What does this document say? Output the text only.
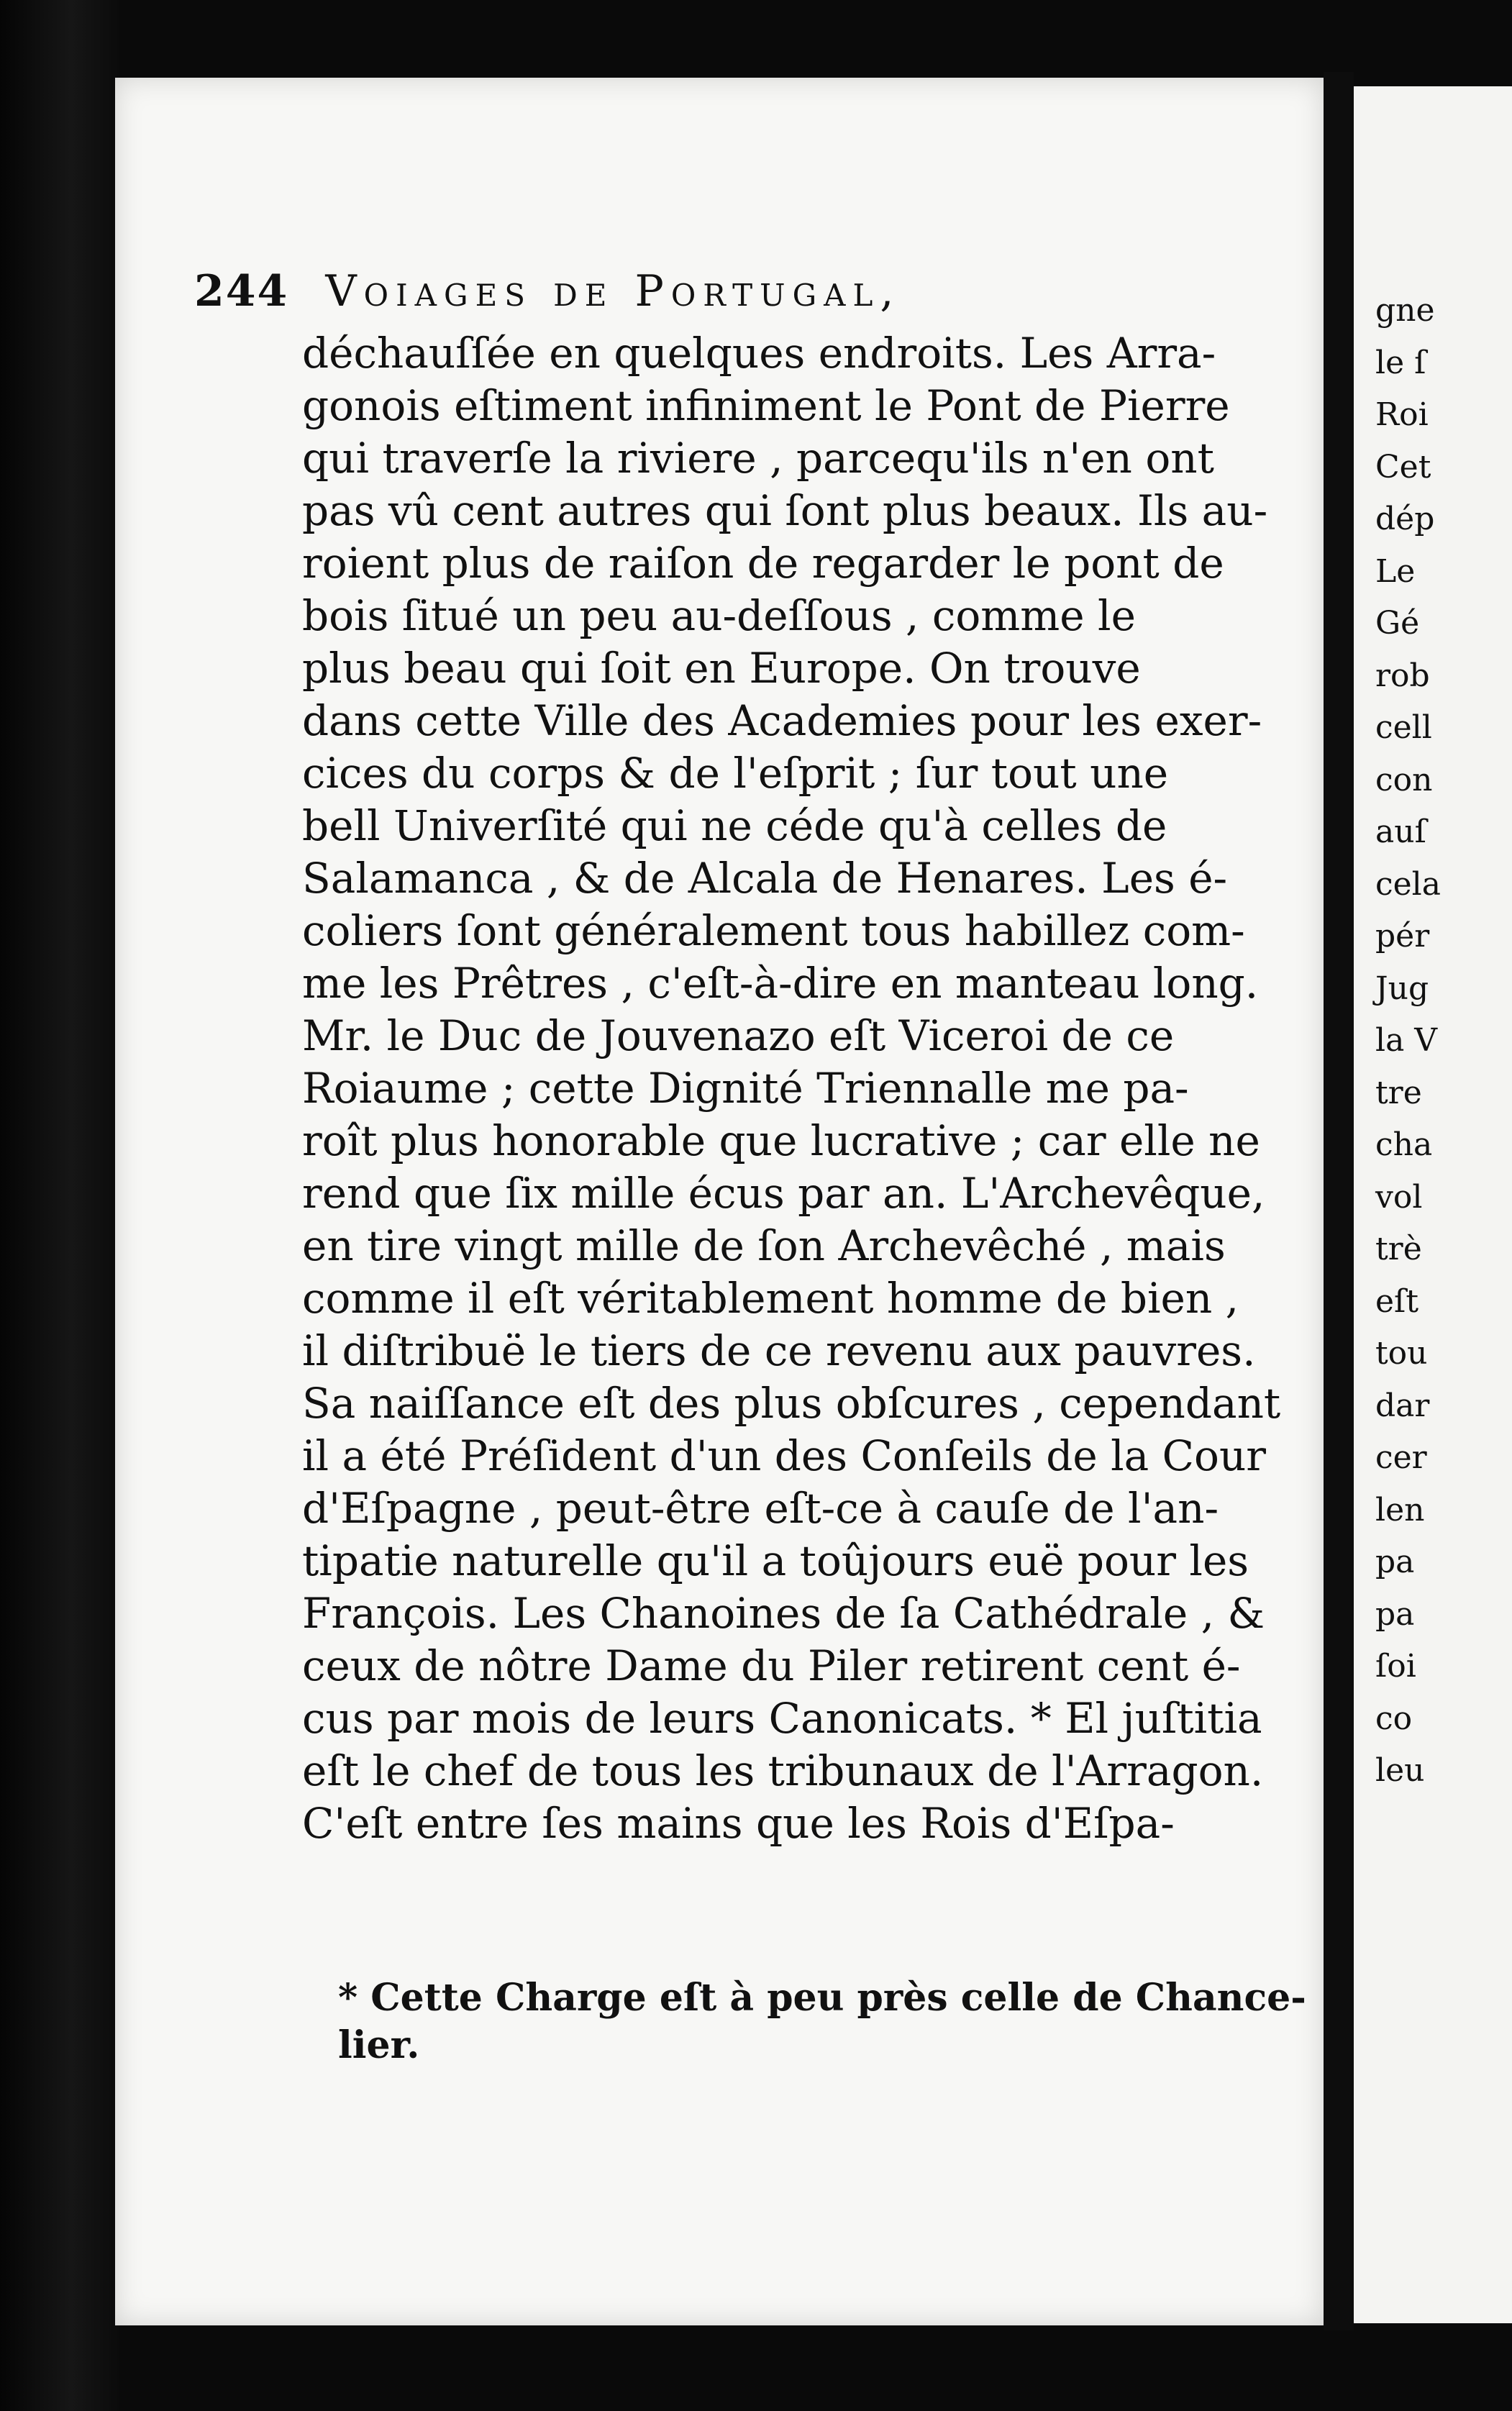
gne
le ſ
Roi
Cet
dép
Le
Gé
rob
cell
con
auſ
cela
pér
Jug
la V
tre
cha
vol
trè
eſt
tou
dar
cer
len
pa
pa
ſoi
co
leu
244 Voiages de Portugal,
déchauſſée en quelques endroits. Les Arra-
gonois eſtiment infiniment le Pont de Pierre
qui traverſe la riviere , parcequ'ils n'en ont
pas vû cent autres qui ſont plus beaux. Ils au-
roient plus de raiſon de regarder le pont de
bois ſitué un peu au-deſſous , comme le
plus beau qui ſoit en Europe. On trouve
dans cette Ville des Academies pour les exer-
cices du corps & de l'eſprit ; ſur tout une
bell Univerſité qui ne céde qu'à celles de
Salamanca , & de Alcala de Henares. Les é-
coliers ſont généralement tous habillez com-
me les Prêtres , c'eſt-à-dire en manteau long.
Mr. le Duc de Jouvenazo eſt Viceroi de ce
Roiaume ; cette Dignité Triennalle me pa-
roît plus honorable que lucrative ; car elle ne
rend que ſix mille écus par an. L'Archevêque,
en tire vingt mille de ſon Archevêché , mais
comme il eſt véritablement homme de bien ,
il diſtribuë le tiers de ce revenu aux pauvres.
Sa naiſſance eſt des plus obſcures , cependant
il a été Préſident d'un des Conſeils de la Cour
d'Eſpagne , peut-être eſt-ce à cauſe de l'an-
tipatie naturelle qu'il a toûjours euë pour les
François. Les Chanoines de ſa Cathédrale , &
ceux de nôtre Dame du Piler retirent cent é-
cus par mois de leurs Canonicats. * El juſtitia
eſt le chef de tous les tribunaux de l'Arragon.
C'eſt entre ſes mains que les Rois d'Eſpa-
* Cette Charge eſt à peu près celle de Chance-
lier.
